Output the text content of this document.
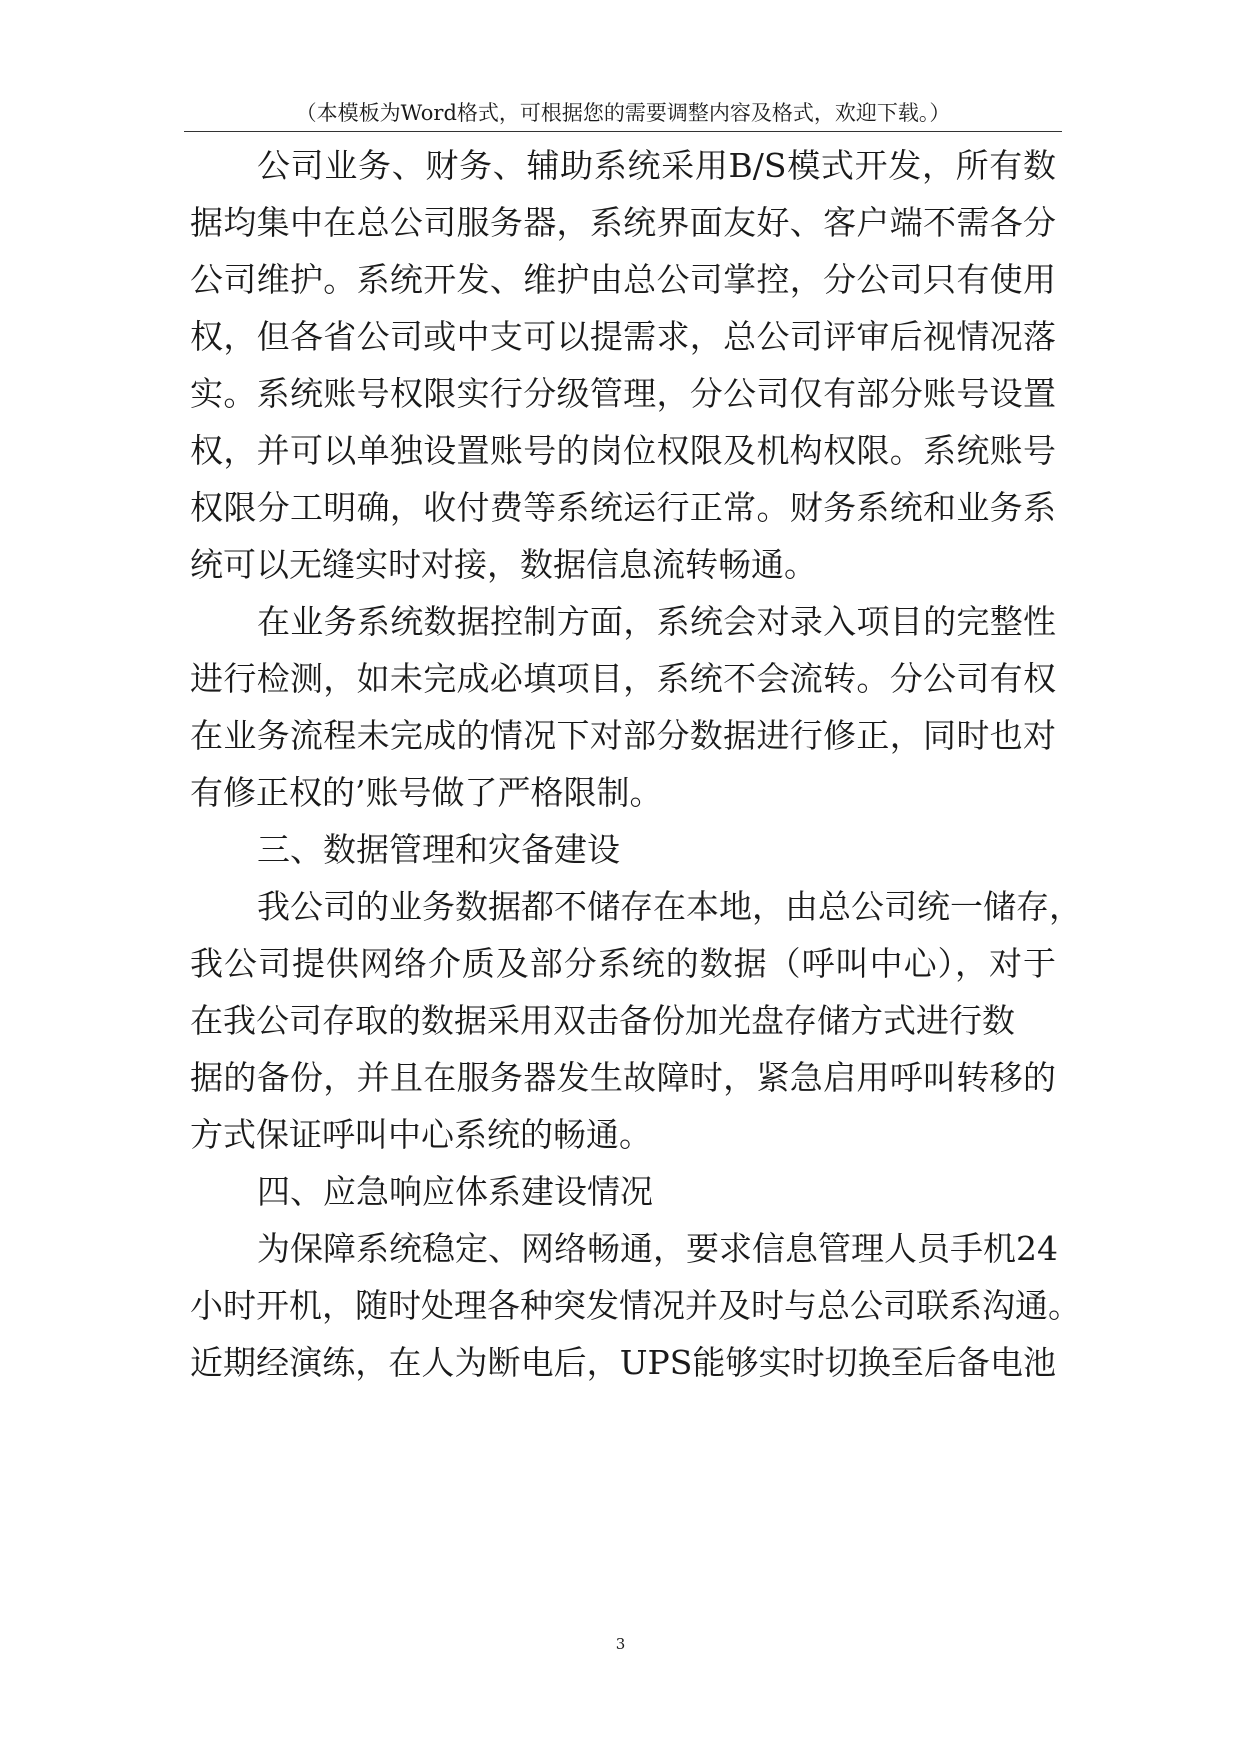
（本模板为Word格式，可根据您的需要调整内容及格式，欢迎下载。）
公司业务、财务、辅助系统采用B/S模式开发，所有数
据均集中在总公司服务器，系统界面友好、客户端不需各分
公司维护。系统开发、维护由总公司掌控，分公司只有使用
权，但各省公司或中支可以提需求，总公司评审后视情况落
实。系统账号权限实行分级管理，分公司仅有部分账号设置
权，并可以单独设置账号的岗位权限及机构权限。系统账号
权限分工明确，收付费等系统运行正常。财务系统和业务系
统可以无缝实时对接，数据信息流转畅通。
在业务系统数据控制方面，系统会对录入项目的完整性
进行检测，如未完成必填项目，系统不会流转。分公司有权
在业务流程未完成的情况下对部分数据进行修正，同时也对
有修正权的’账号做了严格限制。
三、数据管理和灾备建设
我公司的业务数据都不储存在本地，由总公司统一储存，
我公司提供网络介质及部分系统的数据（呼叫中心），对于
在我公司存取的数据采用双击备份加光盘存储方式进行数
据的备份，并且在服务器发生故障时，紧急启用呼叫转移的
方式保证呼叫中心系统的畅通。
四、应急响应体系建设情况
为保障系统稳定、网络畅通，要求信息管理人员手机24
小时开机，随时处理各种突发情况并及时与总公司联系沟通。
近期经演练，在人为断电后，UPS能够实时切换至后备电池
3
